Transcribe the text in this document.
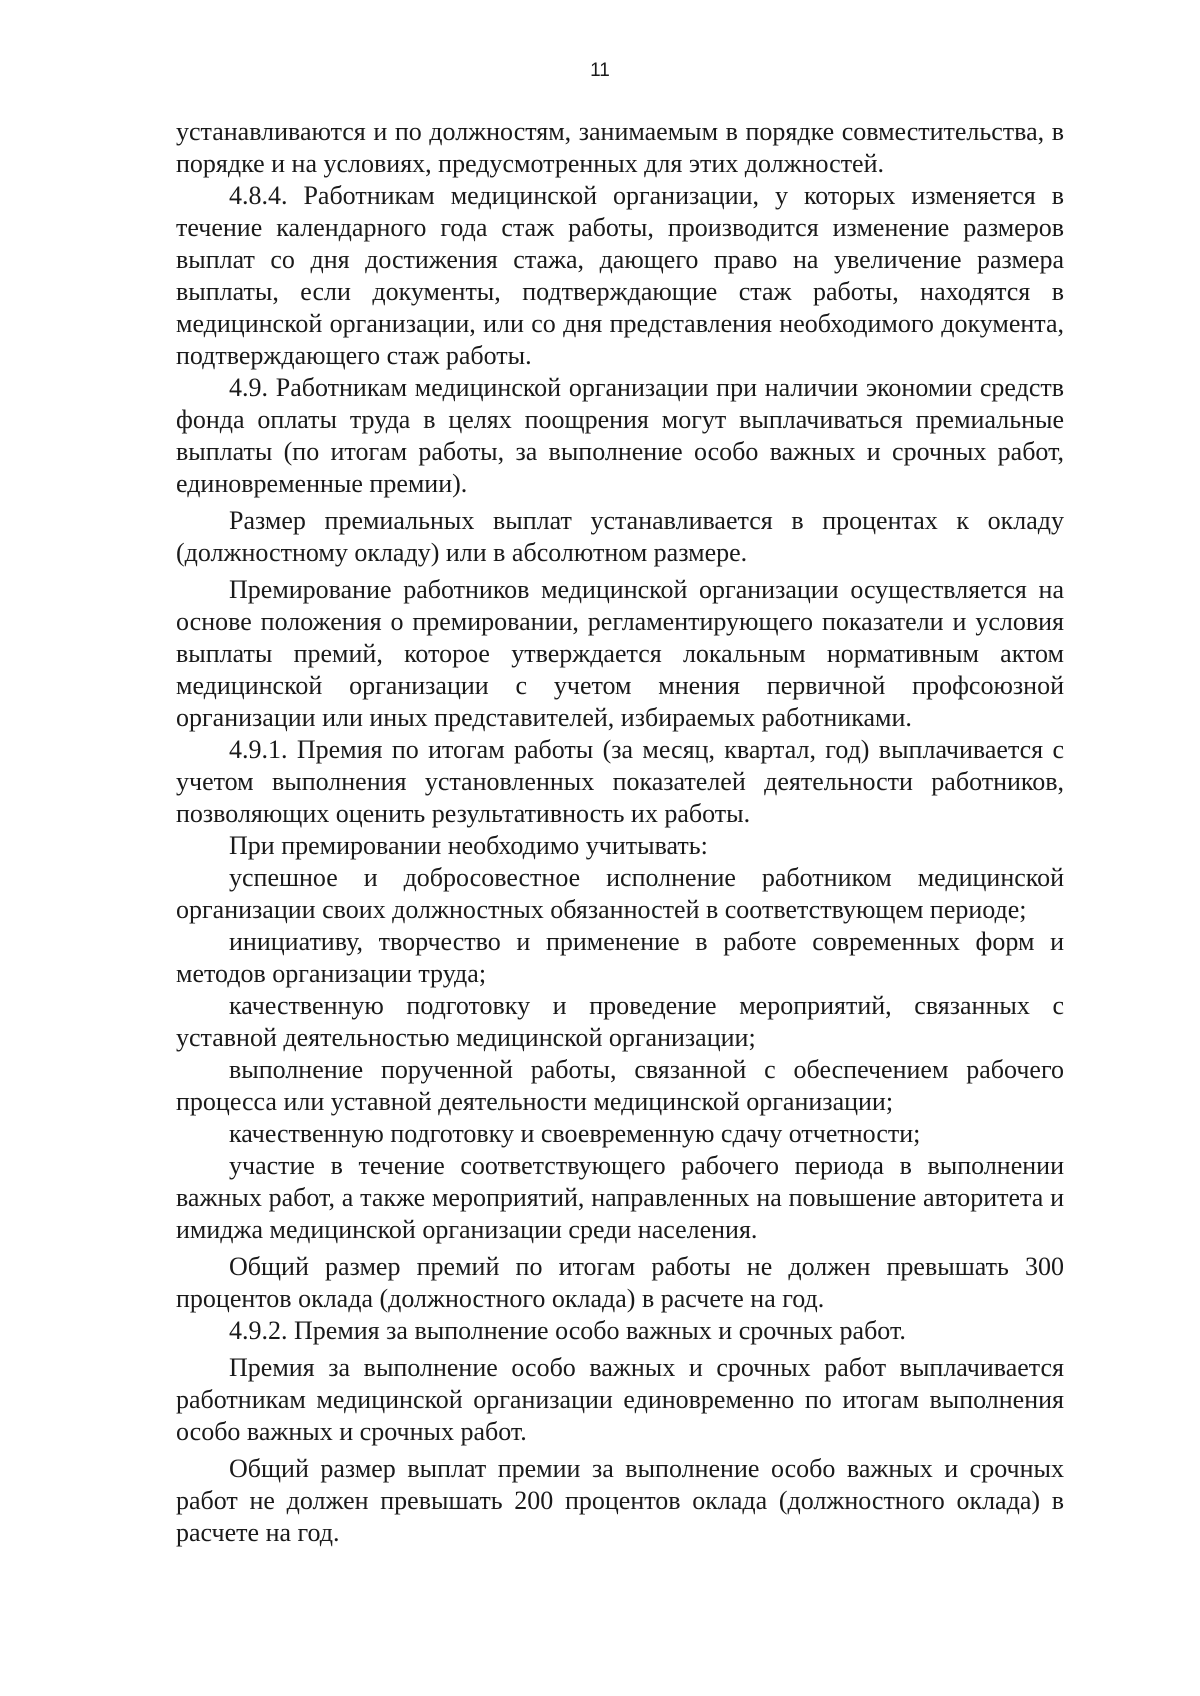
11

устанавливаются и по должностям, занимаемым в порядке совместительства, в порядке и на условиях, предусмотренных для этих должностей.

4.8.4. Работникам медицинской организации, у которых изменяется в течение календарного года стаж работы, производится изменение размеров выплат со дня достижения стажа, дающего право на увеличение размера выплаты, если документы, подтверждающие стаж работы, находятся в медицинской организации, или со дня представления необходимого документа, подтверждающего стаж работы.

4.9. Работникам медицинской организации при наличии экономии средств фонда оплаты труда в целях поощрения могут выплачиваться премиальные выплаты (по итогам работы, за выполнение особо важных и срочных работ, единовременные премии).

Размер премиальных выплат устанавливается в процентах к окладу (должностному окладу) или в абсолютном размере.

Премирование работников медицинской организации осуществляется на основе положения о премировании, регламентирующего показатели и условия выплаты премий, которое утверждается локальным нормативным актом медицинской организации с учетом мнения первичной профсоюзной организации или иных представителей, избираемых работниками.

4.9.1. Премия по итогам работы (за месяц, квартал, год) выплачивается с учетом выполнения установленных показателей деятельности работников, позволяющих оценить результативность их работы.

При премировании необходимо учитывать:

успешное и добросовестное исполнение работником медицинской организации своих должностных обязанностей в соответствующем периоде;

инициативу, творчество и применение в работе современных форм и методов организации труда;

качественную подготовку и проведение мероприятий, связанных с уставной деятельностью медицинской организации;

выполнение порученной работы, связанной с обеспечением рабочего процесса или уставной деятельности медицинской организации;

качественную подготовку и своевременную сдачу отчетности;

участие в течение соответствующего рабочего периода в выполнении важных работ, а также мероприятий, направленных на повышение авторитета и имиджа медицинской организации среди населения.

Общий размер премий по итогам работы не должен превышать 300 процентов оклада (должностного оклада) в расчете на год.

4.9.2. Премия за выполнение особо важных и срочных работ.

Премия за выполнение особо важных и срочных работ выплачивается работникам медицинской организации единовременно по итогам выполнения особо важных и срочных работ.

Общий размер выплат премии за выполнение особо важных и срочных работ не должен превышать 200 процентов оклада (должностного оклада) в расчете на год.
